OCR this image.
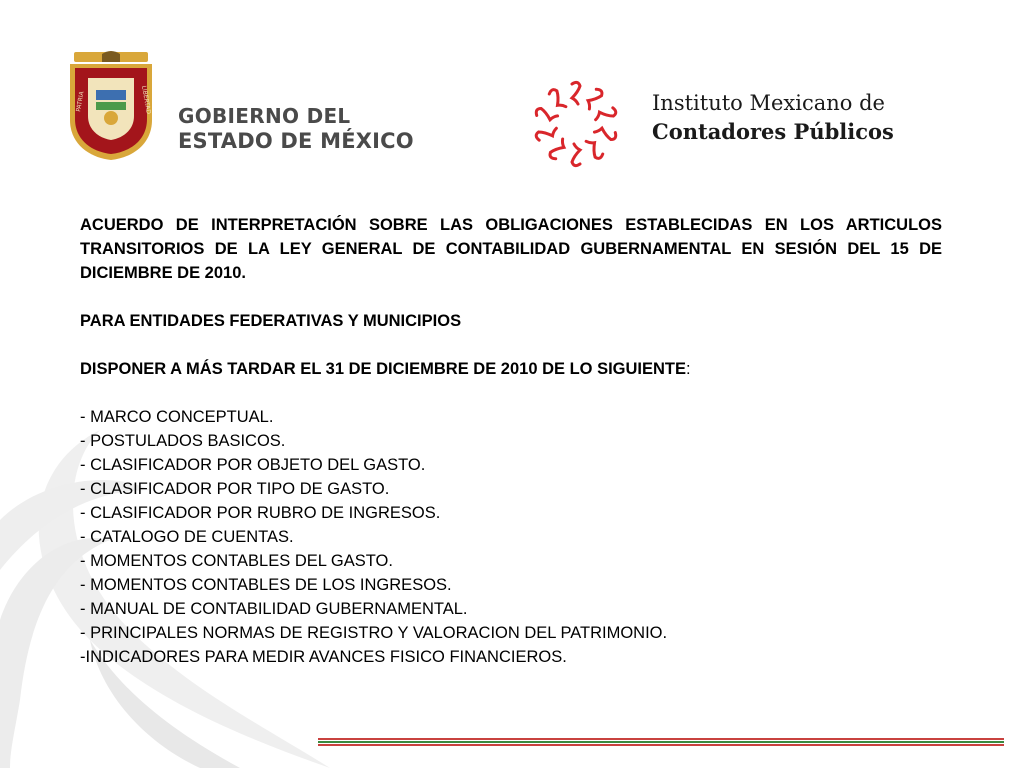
PATRIA	LIBERTAD
GOBIERNO DEL
ESTADO DE MÉXICO
Instituto Mexicano de
Contadores Públicos

ACUERDO DE INTERPRETACIÓN SOBRE LAS OBLIGACIONES ESTABLECIDAS EN LOS ARTICULOS TRANSITORIOS DE LA LEY GENERAL DE CONTABILIDAD GUBERNAMENTAL EN SESIÓN DEL 15 DE DICIEMBRE DE 2010.

PARA ENTIDADES FEDERATIVAS Y MUNICIPIOS

DISPONER A MÁS TARDAR EL 31 DE DICIEMBRE DE 2010 DE LO SIGUIENTE:

- MARCO CONCEPTUAL.
- POSTULADOS BASICOS.
- CLASIFICADOR POR OBJETO DEL GASTO.
- CLASIFICADOR POR TIPO DE GASTO.
- CLASIFICADOR POR RUBRO DE INGRESOS.
- CATALOGO DE CUENTAS.
- MOMENTOS CONTABLES DEL GASTO.
- MOMENTOS CONTABLES DE LOS INGRESOS.
- MANUAL DE CONTABILIDAD GUBERNAMENTAL.
- PRINCIPALES NORMAS DE REGISTRO Y VALORACION DEL PATRIMONIO.
-INDICADORES PARA MEDIR AVANCES FISICO FINANCIEROS.
